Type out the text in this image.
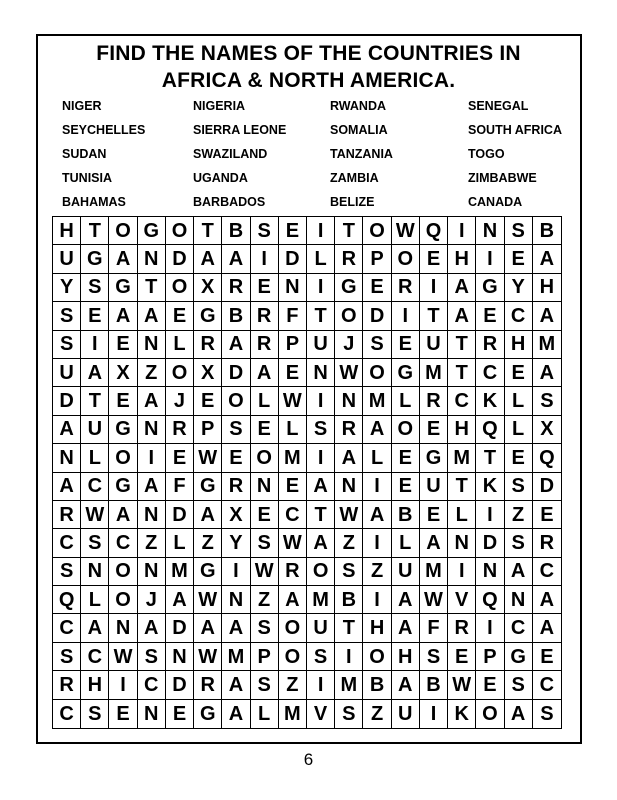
FIND THE NAMES OF THE COUNTRIES IN
AFRICA & NORTH AMERICA.
NIGER	NIGERIA	RWANDA	SENEGAL
SEYCHELLES	SIERRA LEONE	SOMALIA	SOUTH AFRICA
SUDAN	SWAZILAND	TANZANIA	TOGO
TUNISIA	UGANDA	ZAMBIA	ZIMBABWE
BAHAMAS	BARBADOS	BELIZE	CANADA
H T O G O T B S E I T O W Q I N S B
U G A N D A A I D L R P O E H I E A
Y S G T O X R E N I G E R I A G Y H
S E A A E G B R F T O D I T A E C A
S I E N L R A R P U J S E U T R H M
U A X Z O X D A E N W O G M T C E A
D T E A J E O L W I N M L R C K L S
A U G N R P S E L S R A O E H Q L X
N L O I E W E O M I A L E G M T E Q
A C G A F G R N E A N I E U T K S D
R W A N D A X E C T W A B E L I Z E
C S C Z L Z Y S W A Z I L A N D S R
S N O N M G I W R O S Z U M I N A C
Q L O J A W N Z A M B I A W V Q N A
C A N A D A A S O U T H A F R I C A
S C W S N W M P O S I O H S E P G E
R H I C D R A S Z I M B A B W E S C
C S E N E G A L M V S Z U I K O A S
6
